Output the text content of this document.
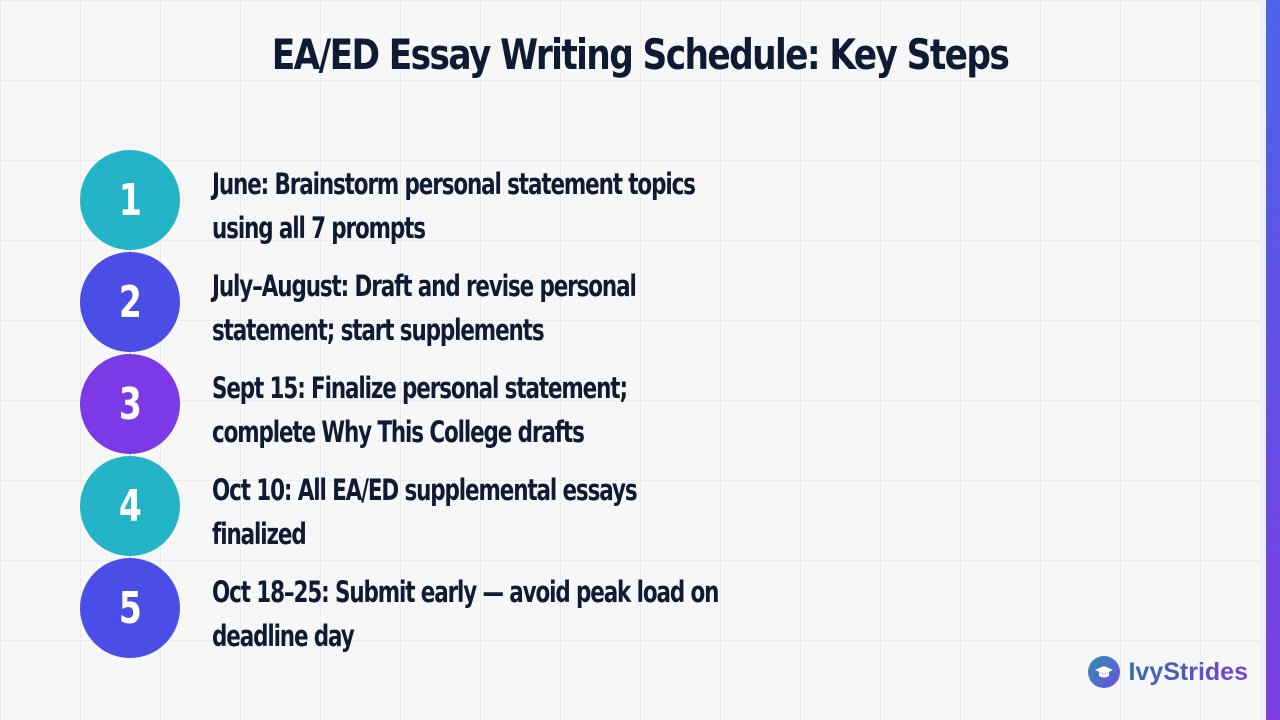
EA/ED Essay Writing Schedule: Key Steps
1 June: Brainstorm personal statement topics using all 7 prompts
2 July–August: Draft and revise personal statement; start supplements
3 Sept 15: Finalize personal statement; complete Why This College drafts
4 Oct 10: All EA/ED supplemental essays finalized
5 Oct 18–25: Submit early — avoid peak load on deadline day
IvyStrides
